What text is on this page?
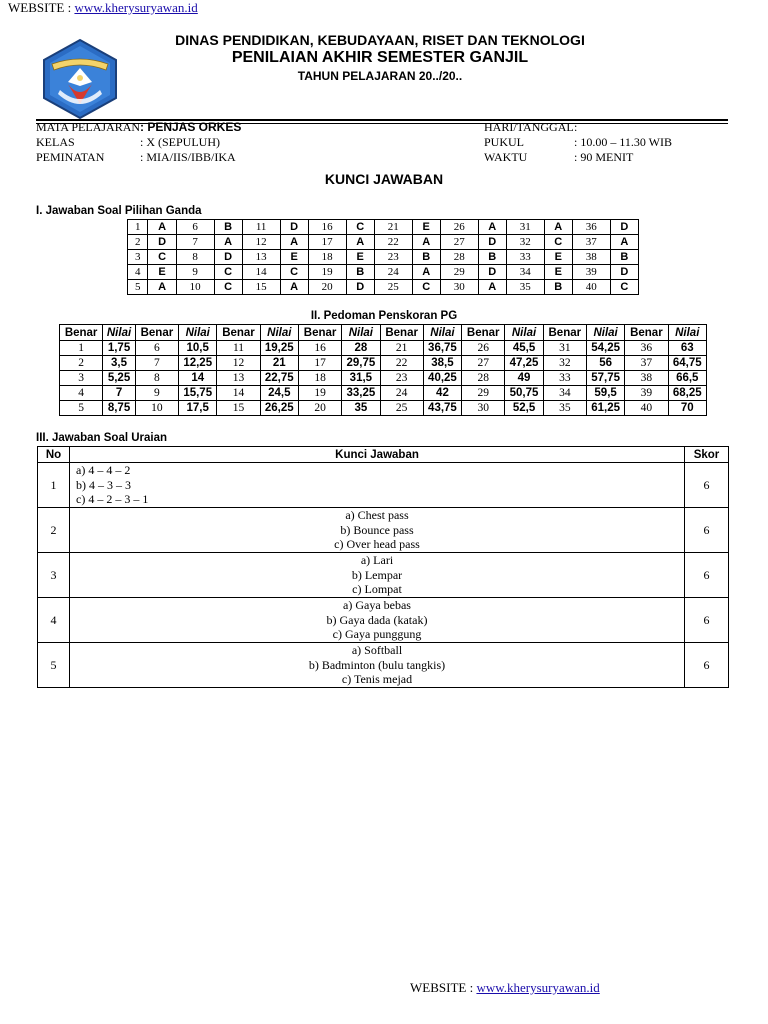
WEBSITE : www.kherysuryawan.id
DINAS PENDIDIKAN, KEBUDAYAAN, RISET DAN TEKNOLOGI
PENILAIAN AKHIR SEMESTER GANJIL
TAHUN PELAJARAN 20../20..
MATA PELAJARAN : PENJAS ORKES	HARI/TANGGAL :
KELAS	: X (SEPULUH)	PUKUL	: 10.00 – 11.30 WIB
PEMINATAN	: MIA/IIS/IBB/IKA	WAKTU	: 90 MENIT
KUNCI JAWABAN
I. Jawaban Soal Pilihan Ganda
1	A	6	B	11	D	16	C	21	E	26	A	31	A	36	D
2	D	7	A	12	A	17	A	22	A	27	D	32	C	37	A
3	C	8	D	13	E	18	E	23	B	28	B	33	E	38	B
4	E	9	C	14	C	19	B	24	A	29	D	34	E	39	D
5	A	10	C	15	A	20	D	25	C	30	A	35	B	40	C
II. Pedoman Penskoran PG
Benar	Nilai	Benar	Nilai	Benar	Nilai	Benar	Nilai	Benar	Nilai	Benar	Nilai	Benar	Nilai	Benar	Nilai
1	1,75	6	10,5	11	19,25	16	28	21	36,75	26	45,5	31	54,25	36	63
2	3,5	7	12,25	12	21	17	29,75	22	38,5	27	47,25	32	56	37	64,75
3	5,25	8	14	13	22,75	18	31,5	23	40,25	28	49	33	57,75	38	66,5
4	7	9	15,75	14	24,5	19	33,25	24	42	29	50,75	34	59,5	39	68,25
5	8,75	10	17,5	15	26,25	20	35	25	43,75	30	52,5	35	61,25	40	70
III. Jawaban Soal Uraian
No	Kunci Jawaban	Skor
1	a) 4 – 4 – 2
b) 4 – 3 – 3
c) 4 – 2 – 3 – 1	6
2	a) Chest pass
b) Bounce pass
c) Over head pass	6
3	a) Lari
b) Lempar
c) Lompat	6
4	a) Gaya bebas
b) Gaya dada (katak)
c) Gaya punggung	6
5	a) Softball
b) Badminton (bulu tangkis)
c) Tenis mejad	6
WEBSITE : www.kherysuryawan.id
